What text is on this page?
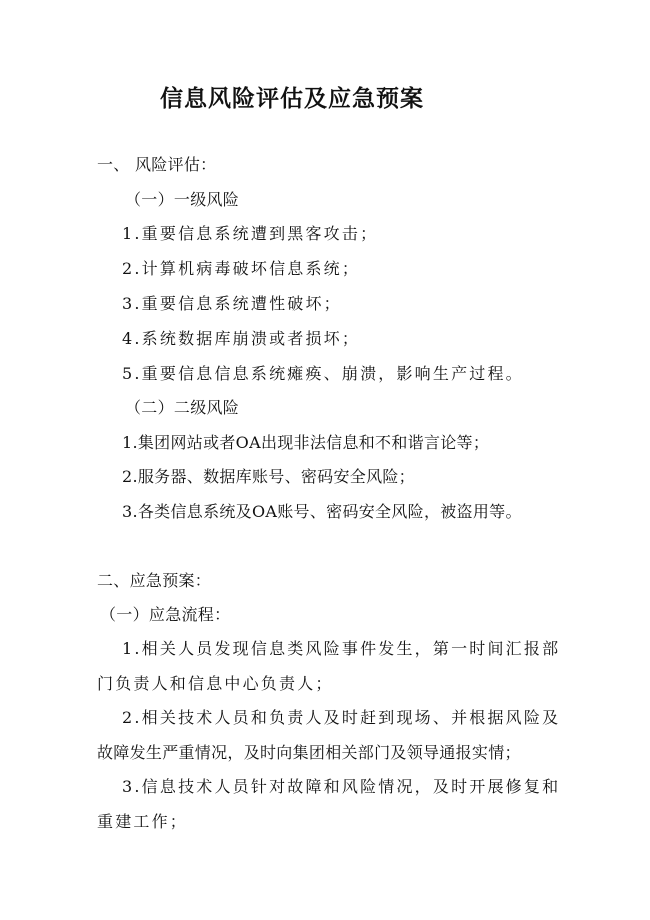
信息风险评估及应急预案
一、 风险评估：
（一）一级风险
1.重要信息系统遭到黑客攻击；
2.计算机病毒破坏信息系统；
3.重要信息系统遭性破坏；
4.系统数据库崩溃或者损坏；
5.重要信息信息系统瘫痪、崩溃，影响生产过程。
（二）二级风险
1.集团网站或者OA出现非法信息和不和谐言论等；
2.服务器、数据库账号、密码安全风险；
3.各类信息系统及OA账号、密码安全风险，被盗用等。
二、应急预案：
（一）应急流程：
1.相关人员发现信息类风险事件发生，第一时间汇报部
门负责人和信息中心负责人；
2.相关技术人员和负责人及时赶到现场、并根据风险及
故障发生严重情况，及时向集团相关部门及领导通报实情；
3.信息技术人员针对故障和风险情况，及时开展修复和
重建工作；
